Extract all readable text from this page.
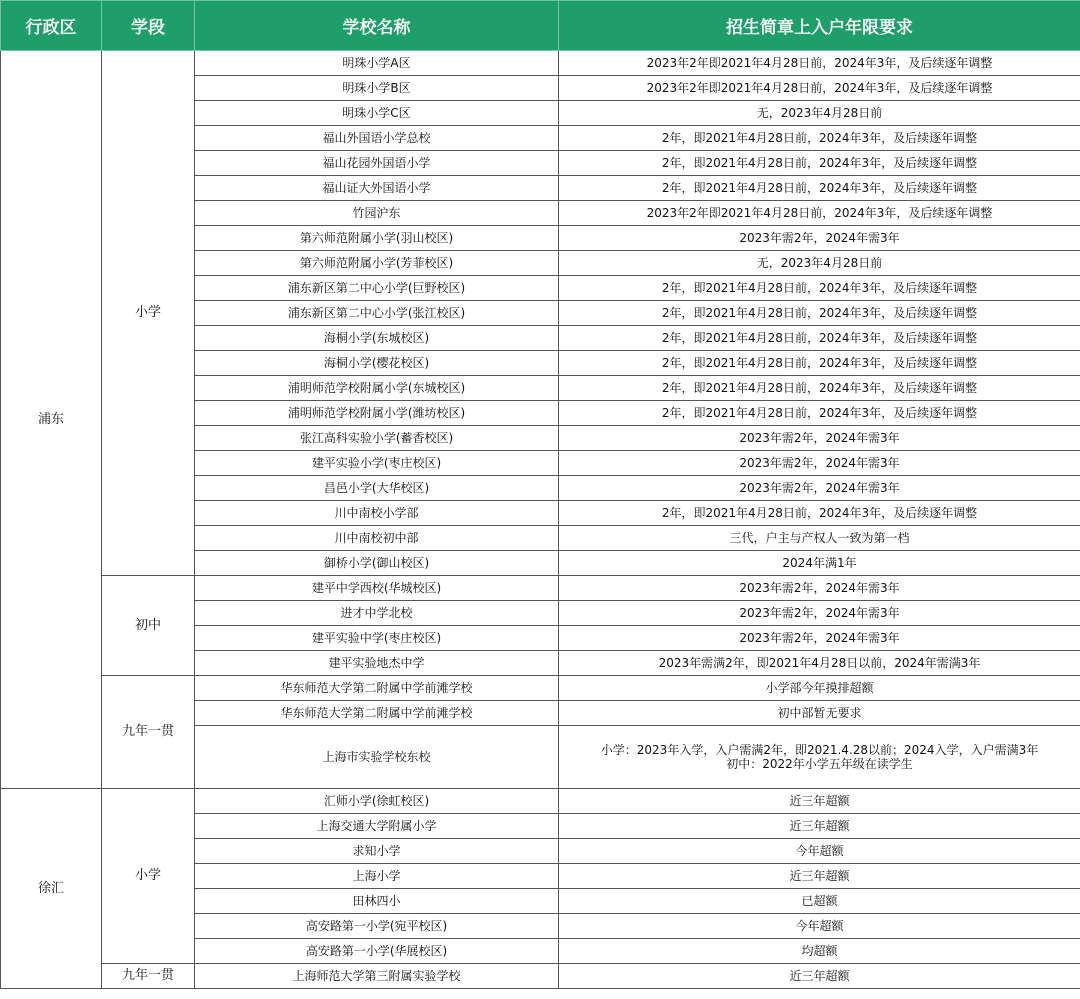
行政区	学段	学校名称	招生简章上入户年限要求
浦东	小学	明珠小学A区	2023年2年即2021年4月28日前，2024年3年，及后续逐年调整
		明珠小学B区	2023年2年即2021年4月28日前，2024年3年，及后续逐年调整
		明珠小学C区	无，2023年4月28日前
		福山外国语小学总校	2年，即2021年4月28日前，2024年3年，及后续逐年调整
		福山花园外国语小学	2年，即2021年4月28日前，2024年3年，及后续逐年调整
		福山证大外国语小学	2年，即2021年4月28日前，2024年3年，及后续逐年调整
		竹园沪东	2023年2年即2021年4月28日前，2024年3年，及后续逐年调整
		第六师范附属小学(羽山校区)	2023年需2年，2024年需3年
		第六师范附属小学(芳菲校区)	无，2023年4月28日前
		浦东新区第二中心小学(巨野校区)	2年，即2021年4月28日前，2024年3年，及后续逐年调整
		浦东新区第二中心小学(张江校区)	2年，即2021年4月28日前，2024年3年，及后续逐年调整
		海桐小学(东城校区)	2年，即2021年4月28日前，2024年3年，及后续逐年调整
		海桐小学(樱花校区)	2年，即2021年4月28日前，2024年3年，及后续逐年调整
		浦明师范学校附属小学(东城校区)	2年，即2021年4月28日前，2024年3年，及后续逐年调整
		浦明师范学校附属小学(潍坊校区)	2年，即2021年4月28日前，2024年3年，及后续逐年调整
		张江高科实验小学(蓄香校区)	2023年需2年，2024年需3年
		建平实验小学(枣庄校区)	2023年需2年，2024年需3年
		昌邑小学(大华校区)	2023年需2年，2024年需3年
		川中南校小学部	2年，即2021年4月28日前，2024年3年，及后续逐年调整
		川中南校初中部	三代，户主与产权人一致为第一档
		御桥小学(御山校区)	2024年满1年
	初中	建平中学西校(华城校区)	2023年需2年，2024年需3年
		进才中学北校	2023年需2年，2024年需3年
		建平实验中学(枣庄校区)	2023年需2年，2024年需3年
		建平实验地杰中学	2023年需满2年，即2021年4月28日以前，2024年需满3年
	九年一贯	华东师范大学第二附属中学前滩学校	小学部今年摸排超额
		华东师范大学第二附属中学前滩学校	初中部暂无要求
		上海市实验学校东校	小学：2023年入学，入户需满2年，即2021.4.28以前；2024入学，入户需满3年
初中：2022年小学五年级在读学生

徐汇	小学	汇师小学(徐虹校区)	近三年超额
		上海交通大学附属小学	近三年超额
		求知小学	今年超额
		上海小学	近三年超额
		田林四小	已超额
		高安路第一小学(宛平校区)	今年超额
		高安路第一小学(华展校区)	均超额
	九年一贯	上海师范大学第三附属实验学校	近三年超额
